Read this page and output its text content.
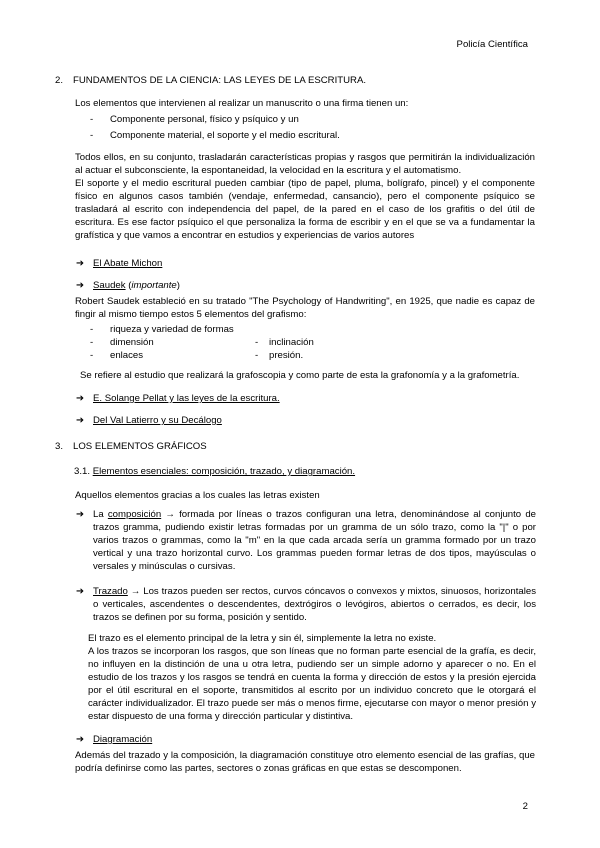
Policía Científica
2. FUNDAMENTOS DE LA CIENCIA: LAS LEYES DE LA ESCRITURA.

Los elementos que intervienen al realizar un manuscrito o una firma tienen un:

-	Componente personal, físico y psíquico y un
-	Componente material, el soporte y el medio escritural.

Todos ellos, en su conjunto, trasladarán características propias y rasgos que permitirán la individualización al actuar el subconsciente, la espontaneidad, la velocidad en la escritura y el automatismo.

El soporte y el medio escritural pueden cambiar (tipo de papel, pluma, bolígrafo, pincel) y el componente físico en algunos casos también (vendaje, enfermedad, cansancio), pero el componente psíquico se trasladará al escrito con independencia del papel, de la pared en el caso de los grafitis o del útil de escritura. Es ese factor psíquico el que personaliza la forma de escribir y en el que se va a fundamentar la grafística y que vamos a encontrar en estudios y experiencias de varios autores

➔ El Abate Michon
➔ Saudek (importante)

Robert Saudek estableció en su tratado "The Psychology of Handwriting", en 1925, que nadie es capaz de fingir al mismo tiempo estos 5 elementos del grafismo:

-	riqueza y variedad de formas
-	dimensión	-	inclinación
-	enlaces	-	presión.
Se refiere al estudio que realizará la grafoscopia y como parte de esta la grafonomía y a la grafometría.
➔ E. Solange Pellat y las leyes de la escritura.
➔ Del Val Latierro y su Decálogo
3. LOS ELEMENTOS GRÁFICOS
3.1. Elementos esenciales: composición, trazado, y diagramación.

Aquellos elementos gracias a los cuales las letras existen

➔ La composición → formada por líneas o trazos configuran una letra, denominándose al conjunto de trazos gramma, pudiendo existir letras formadas por un gramma de un sólo trazo, como la "|" o por varios trazos o grammas, como la "m" en la que cada arcada sería un gramma formado por un trazo vertical y una trazo horizontal curvo. Los grammas pueden formar letras de dos tipos, mayúsculas o versales y minúsculas o cursivas.
➔ Trazado → Los trazos pueden ser rectos, curvos cóncavos o convexos y mixtos, sinuosos, horizontales o verticales, ascendentes o descendentes, dextrógiros o levógiros, abiertos o cerrados, es decir, los trazos se definen por su forma, posición y sentido.

El trazo es el elemento principal de la letra y sin él, simplemente la letra no existe.

A los trazos se incorporan los rasgos, que son líneas que no forman parte esencial de la grafía, es decir, no influyen en la distinción de una u otra letra, pudiendo ser un simple adorno y aparecer o no. En el estudio de los trazos y los rasgos se tendrá en cuenta la forma y dirección de estos y la presión ejercida por el útil escritural en el soporte, transmitidos al escrito por un individuo concreto que le otorgará el carácter individualizador. El trazo puede ser más o menos firme, ejecutarse con mayor o menor presión y estar dispuesto de una forma y dirección particular y distintiva.

➔ Diagramación

Además del trazado y la composición, la diagramación constituye otro elemento esencial de las grafías, que podría definirse como las partes, sectores o zonas gráficas en que estas se descomponen.

2
